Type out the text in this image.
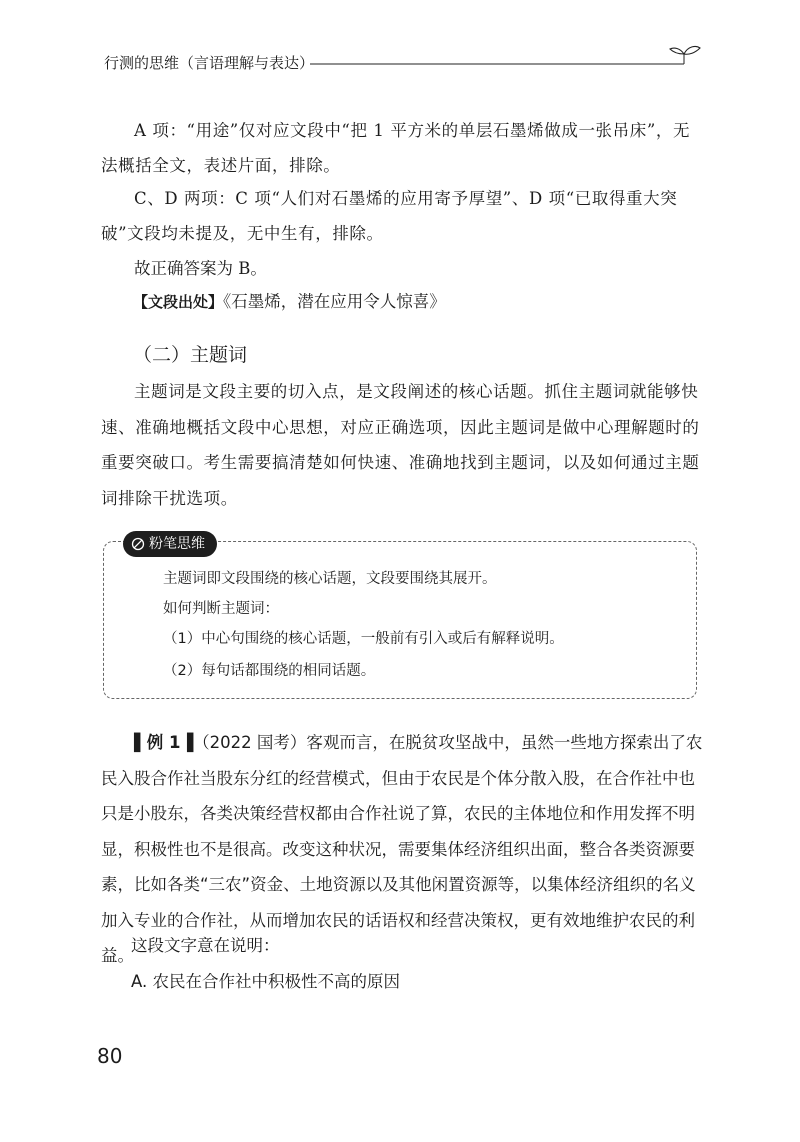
行测的思维（言语理解与表达）

A 项：“用途”仅对应文段中“把 1 平方米的单层石墨烯做成一张吊床”，无法概括全文，表述片面，排除。

C、D 两项：C 项“人们对石墨烯的应用寄予厚望”、D 项“已取得重大突破”文段均未提及，无中生有，排除。

故正确答案为 B。

【文段出处】《石墨烯，潜在应用令人惊喜》
（二）主题词

主题词是文段主要的切入点，是文段阐述的核心话题。抓住主题词就能够快速、准确地概括文段中心思想，对应正确选项，因此主题词是做中心理解题时的重要突破口。考生需要搞清楚如何快速、准确地找到主题词，以及如何通过主题词排除干扰选项。

粉笔思维
主题词即文段围绕的核心话题，文段要围绕其展开。
如何判断主题词：
（1）中心句围绕的核心话题，一般前有引入或后有解释说明。
（2）每句话都围绕的相同话题。

▌例 1▐（2022 国考）客观而言，在脱贫攻坚战中，虽然一些地方探索出了农民入股合作社当股东分红的经营模式，但由于农民是个体分散入股，在合作社中也只是小股东，各类决策经营权都由合作社说了算，农民的主体地位和作用发挥不明显，积极性也不是很高。改变这种状况，需要集体经济组织出面，整合各类资源要素，比如各类“三农”资金、土地资源以及其他闲置资源等，以集体经济组织的名义加入专业的合作社，从而增加农民的话语权和经营决策权，更有效地维护农民的利益。

这段文字意在说明：
A. 农民在合作社中积极性不高的原因
80
